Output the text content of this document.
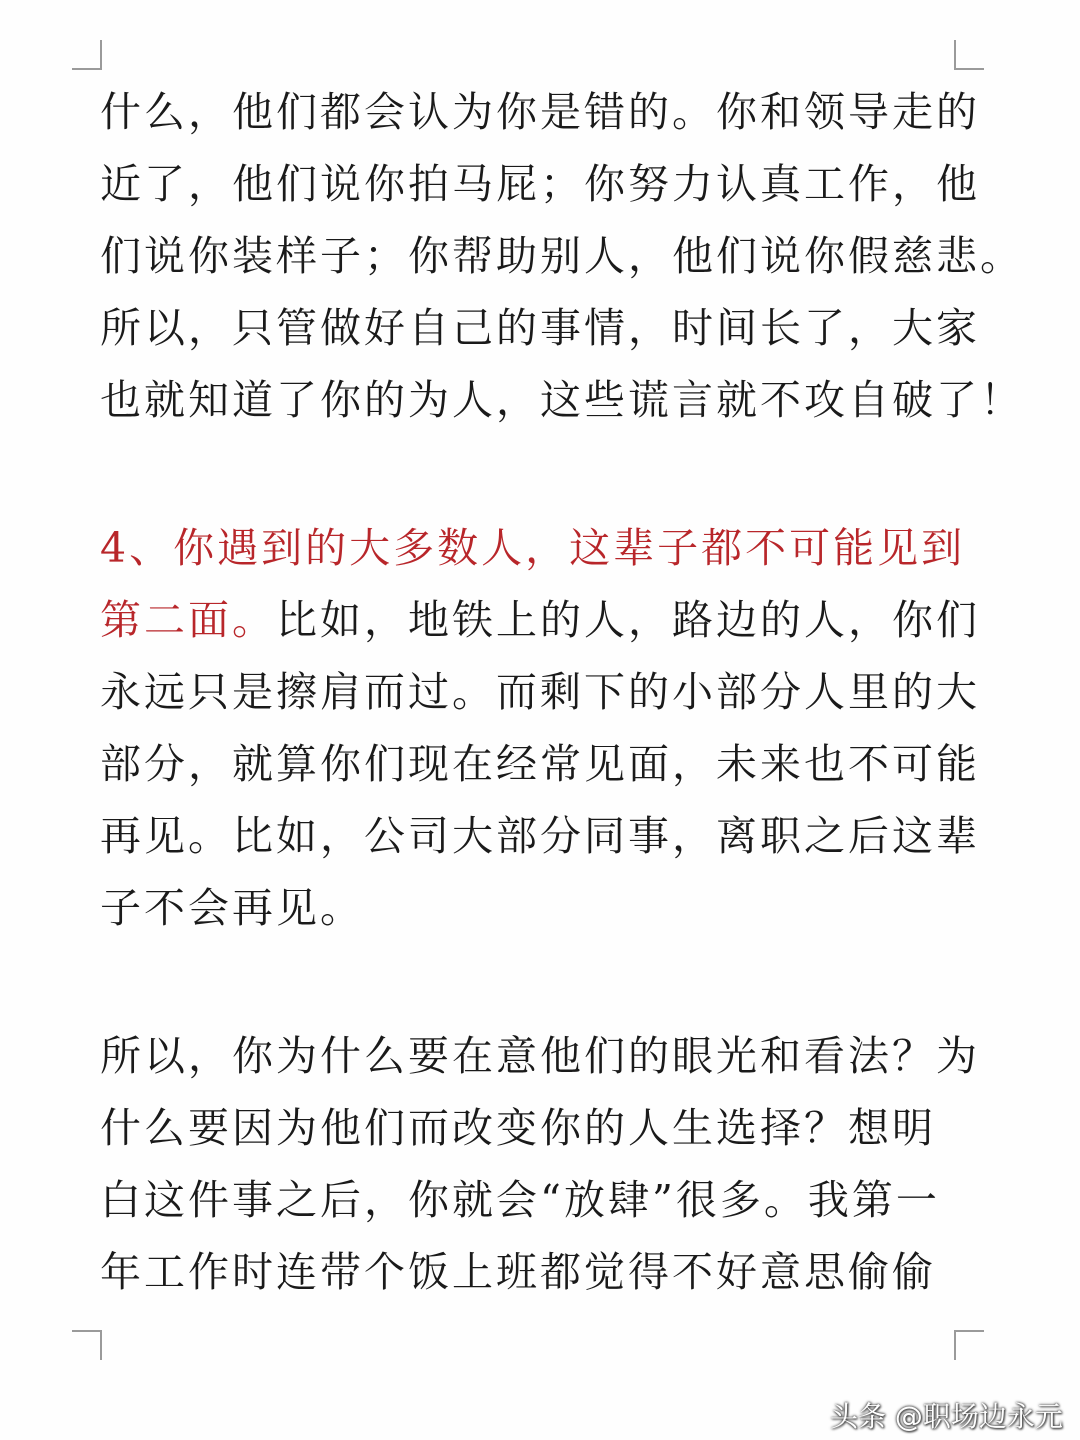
什么，他们都会认为你是错的。你和领导走的
近了，他们说你拍马屁；你努力认真工作，他
们说你装样子；你帮助别人，他们说你假慈悲。
所以，只管做好自己的事情，时间长了，大家
也就知道了你的为人，这些谎言就不攻自破了！
4、你遇到的大多数人，这辈子都不可能见到
第二面。比如，地铁上的人，路边的人，你们
永远只是擦肩而过。而剩下的小部分人里的大
部分，就算你们现在经常见面，未来也不可能
再见。比如，公司大部分同事，离职之后这辈
子不会再见。
所以，你为什么要在意他们的眼光和看法？为
什么要因为他们而改变你的人生选择？想明
白这件事之后，你就会“放肆”很多。我第一
年工作时连带个饭上班都觉得不好意思偷偷
头条 @职场边永元
